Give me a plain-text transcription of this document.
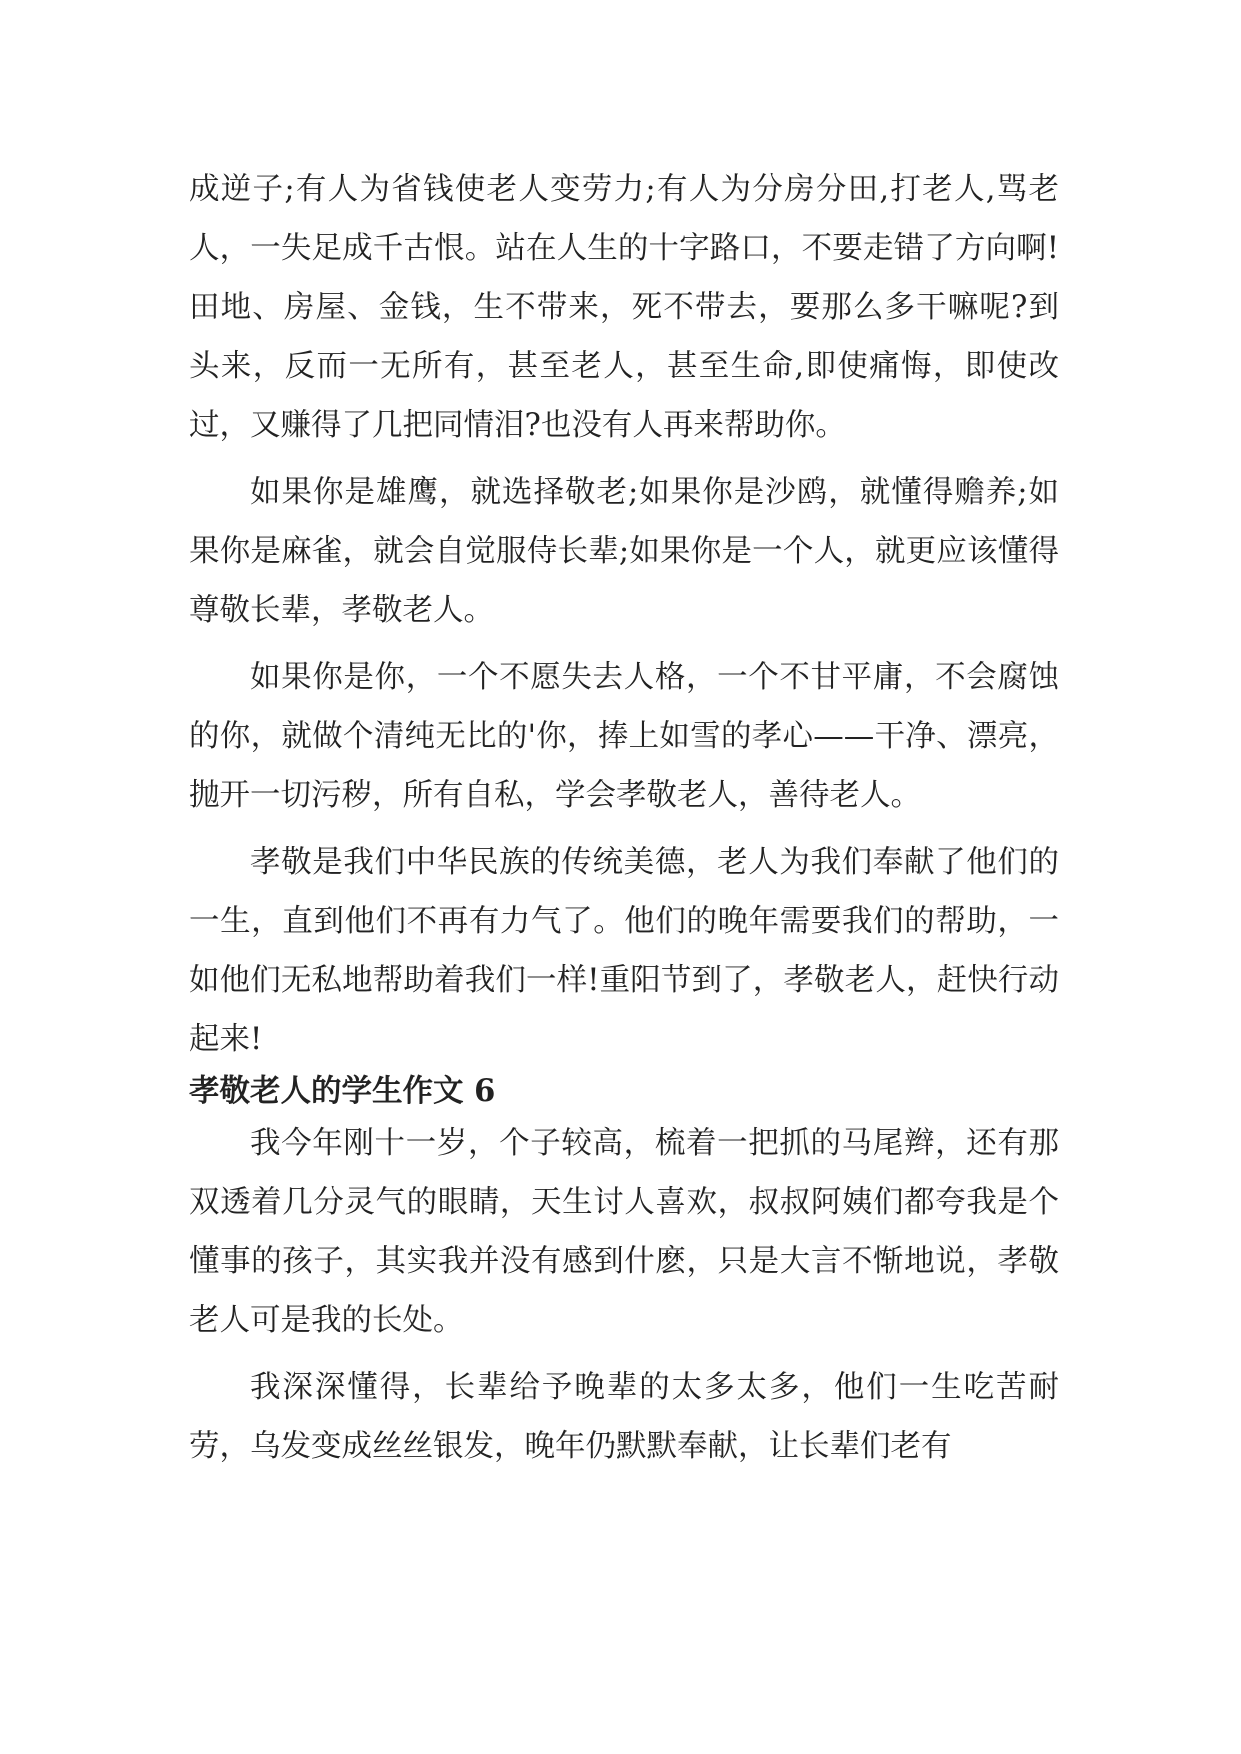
成逆子;有人为省钱使老人变劳力;有人为分房分田,打老人,骂老人，一失足成千古恨。站在人生的十字路口，不要走错了方向啊!田地、房屋、金钱，生不带来，死不带去，要那么多干嘛呢?到头来，反而一无所有，甚至老人，甚至生命,即使痛悔，即使改过，又赚得了几把同情泪?也没有人再来帮助你。

如果你是雄鹰，就选择敬老;如果你是沙鸥，就懂得赡养;如果你是麻雀，就会自觉服侍长辈;如果你是一个人，就更应该懂得尊敬长辈，孝敬老人。

如果你是你，一个不愿失去人格，一个不甘平庸，不会腐蚀的你，就做个清纯无比的'你，捧上如雪的孝心——干净、漂亮，抛开一切污秽，所有自私，学会孝敬老人，善待老人。

孝敬是我们中华民族的传统美德，老人为我们奉献了他们的一生，直到他们不再有力气了。他们的晚年需要我们的帮助，一如他们无私地帮助着我们一样!重阳节到了，孝敬老人，赶快行动起来!

孝敬老人的学生作文 6

我今年刚十一岁，个子较高，梳着一把抓的马尾辫，还有那双透着几分灵气的眼睛，天生讨人喜欢，叔叔阿姨们都夸我是个懂事的孩子，其实我并没有感到什麽，只是大言不惭地说，孝敬老人可是我的长处。

我深深懂得，长辈给予晚辈的太多太多，他们一生吃苦耐劳，乌发变成丝丝银发，晚年仍默默奉献，让长辈们老有
